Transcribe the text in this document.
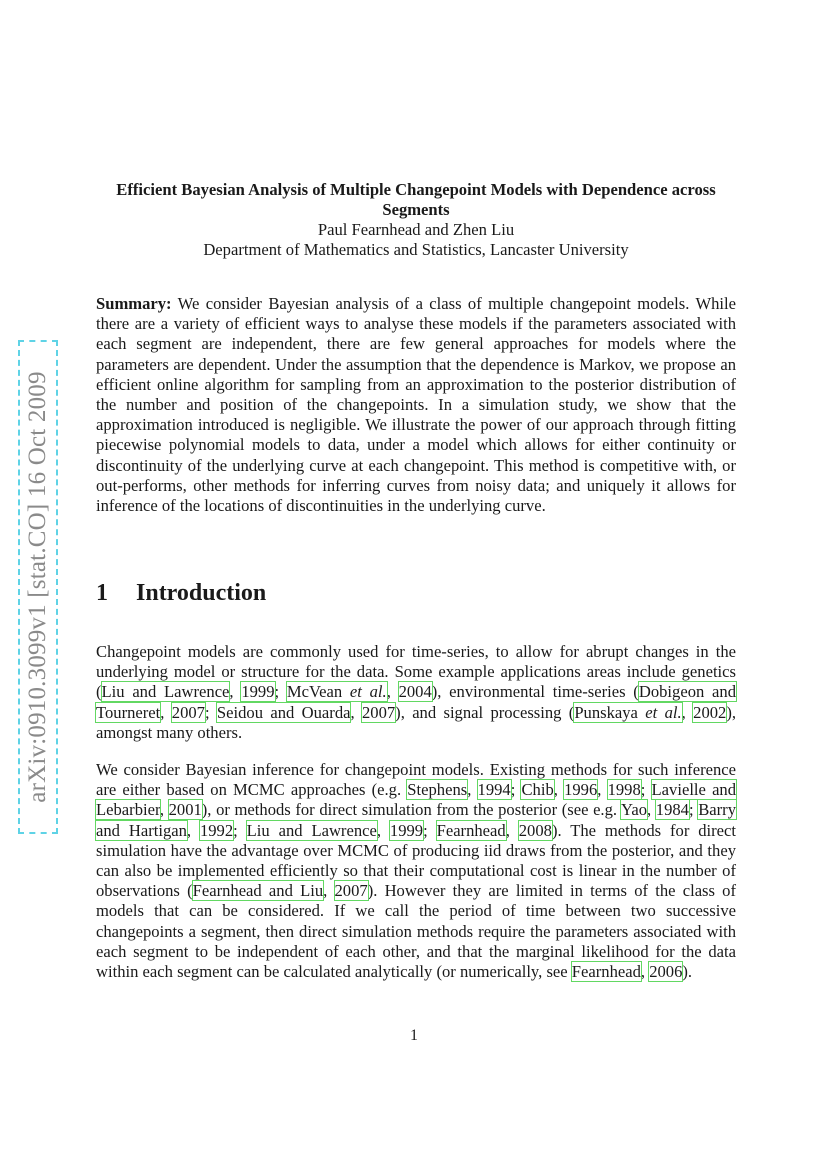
arXiv:0910.3099v1 [stat.CO] 16 Oct 2009

Efficient Bayesian Analysis of Multiple Changepoint Models with Dependence across Segments

Paul Fearnhead and Zhen Liu

Department of Mathematics and Statistics, Lancaster University

Summary: We consider Bayesian analysis of a class of multiple changepoint models. While there are a variety of efficient ways to analyse these models if the parameters associated with each segment are independent, there are few general approaches for models where the parameters are dependent. Under the assumption that the dependence is Markov, we propose an efficient online algorithm for sampling from an approximation to the posterior distribution of the number and position of the changepoints. In a simulation study, we show that the approximation introduced is negligible. We illustrate the power of our approach through fitting piecewise polynomial models to data, under a model which allows for either continuity or discontinuity of the underlying curve at each changepoint. This method is competitive with, or out-performs, other methods for inferring curves from noisy data; and uniquely it allows for inference of the locations of discontinuities in the underlying curve.

1 Introduction

Changepoint models are commonly used for time-series, to allow for abrupt changes in the underlying model or structure for the data. Some example applications areas include genetics (Liu and Lawrence, 1999; McVean et al., 2004), environmental time-series (Dobigeon and Tourneret, 2007; Seidou and Ouarda, 2007), and signal processing (Punskaya et al., 2002), amongst many others.

We consider Bayesian inference for changepoint models. Existing methods for such inference are either based on MCMC approaches (e.g. Stephens, 1994; Chib, 1996, 1998; Lavielle and Lebarbier, 2001), or methods for direct simulation from the posterior (see e.g. Yao, 1984; Barry and Hartigan, 1992; Liu and Lawrence, 1999; Fearnhead, 2008). The methods for direct simulation have the advantage over MCMC of producing iid draws from the posterior, and they can also be implemented efficiently so that their computational cost is linear in the number of observations (Fearnhead and Liu, 2007). However they are limited in terms of the class of models that can be considered. If we call the period of time between two successive changepoints a segment, then direct simulation methods require the parameters associated with each segment to be independent of each other, and that the marginal likelihood for the data within each segment can be calculated analytically (or numerically, see Fearnhead, 2006).

1
